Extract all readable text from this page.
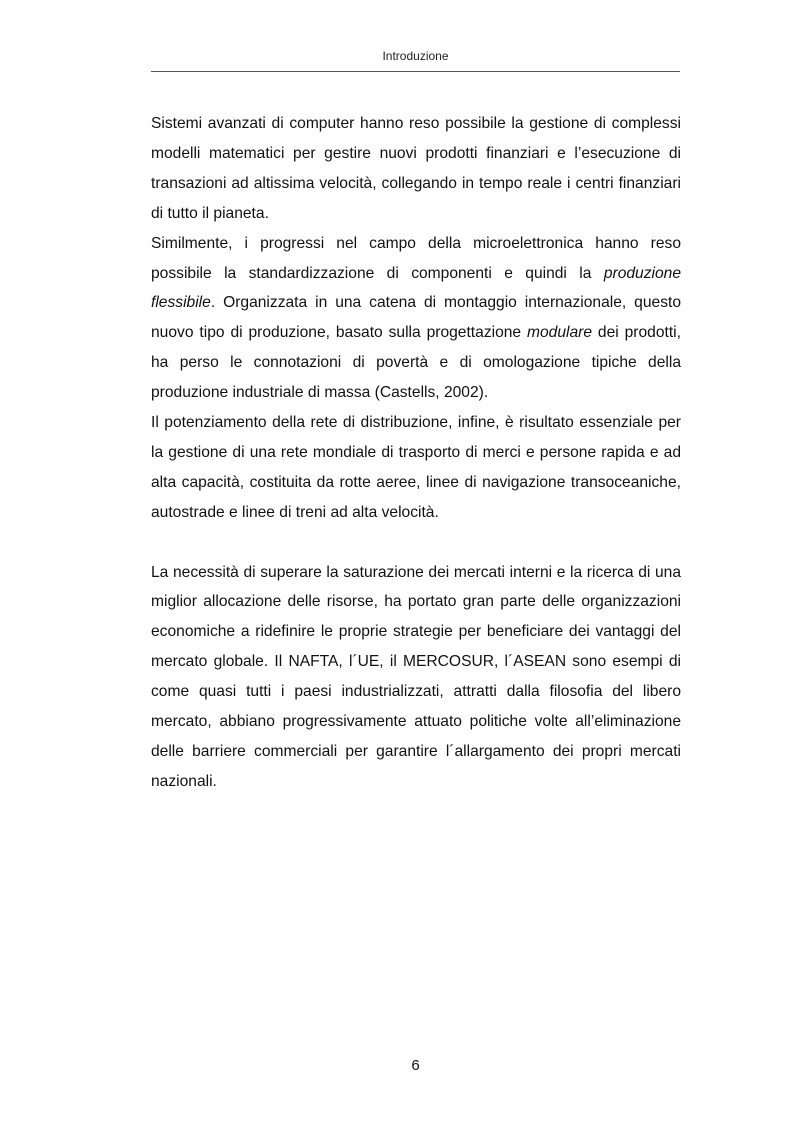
Introduzione

Sistemi avanzati di computer hanno reso possibile la gestione di complessi modelli matematici per gestire nuovi prodotti finanziari e l’esecuzione di transazioni ad altissima velocità, collegando in tempo reale i centri finanziari di tutto il pianeta.

Similmente, i progressi nel campo della microelettronica hanno reso possibile la standardizzazione di componenti e quindi la produzione flessibile. Organizzata in una catena di montaggio internazionale, questo nuovo tipo di produzione, basato sulla progettazione modulare dei prodotti, ha perso le connotazioni di povertà e di omologazione tipiche della produzione industriale di massa (Castells, 2002).

Il potenziamento della rete di distribuzione, infine, è risultato essenziale per la gestione di una rete mondiale di trasporto di merci e persone rapida e ad alta capacità, costituita da rotte aeree, linee di navigazione transoceaniche, autostrade e linee di treni ad alta velocità.

La necessità di superare la saturazione dei mercati interni e la ricerca di una miglior allocazione delle risorse, ha portato gran parte delle organizzazioni economiche a ridefinire le proprie strategie per beneficiare dei vantaggi del mercato globale. Il NAFTA, l´UE, il MERCOSUR, l´ASEAN sono esempi di come quasi tutti i paesi industrializzati, attratti dalla filosofia del libero mercato, abbiano progressivamente attuato politiche volte all’eliminazione delle barriere commerciali per garantire l´allargamento dei propri mercati nazionali.

6
